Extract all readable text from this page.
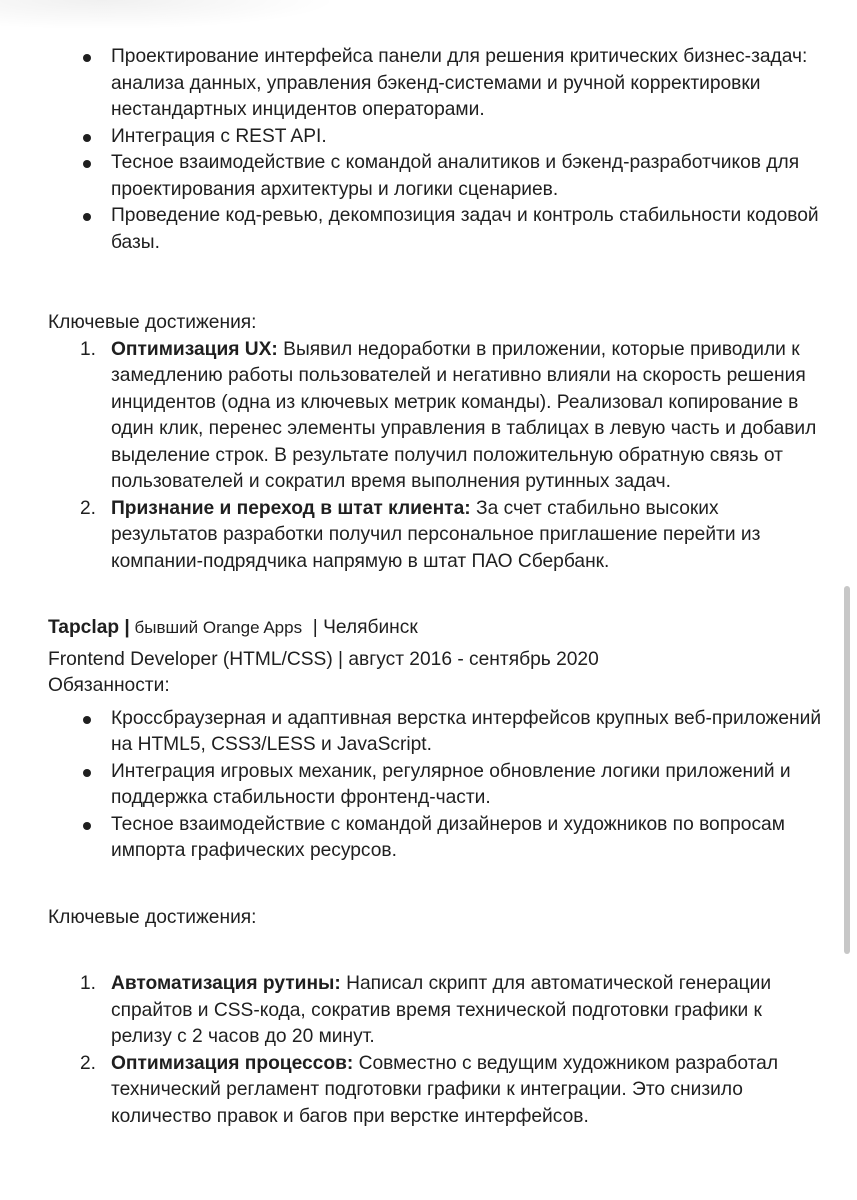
Проектирование интерфейса панели для решения критических бизнес-задач: анализа данных, управления бэкенд-системами и ручной корректировки нестандартных инцидентов операторами.
Интеграция с REST API.
Тесное взаимодействие с командой аналитиков и бэкенд-разработчиков для проектирования архитектуры и логики сценариев.
Проведение код-ревью, декомпозиция задач и контроль стабильности кодовой базы.
Ключевые достижения:
1. Оптимизация UX: Выявил недоработки в приложении, которые приводили к замедлению работы пользователей и негативно влияли на скорость решения инцидентов (одна из ключевых метрик команды). Реализовал копирование в один клик, перенес элементы управления в таблицах в левую часть и добавил выделение строк. В результате получил положительную обратную связь от пользователей и сократил время выполнения рутинных задач.
2. Признание и переход в штат клиента: За счет стабильно высоких результатов разработки получил персональное приглашение перейти из компании-подрядчика напрямую в штат ПАО Сбербанк.
Tapclap | бывший Orange Apps  | Челябинск
Frontend Developer (HTML/CSS) | август 2016 - сентябрь 2020
Обязанности:
Кроссбраузерная и адаптивная верстка интерфейсов крупных веб-приложений на HTML5, CSS3/LESS и JavaScript.
Интеграция игровых механик, регулярное обновление логики приложений и поддержка стабильности фронтенд-части.
Тесное взаимодействие с командой дизайнеров и художников по вопросам импорта графических ресурсов.
Ключевые достижения:
1. Автоматизация рутины: Написал скрипт для автоматической генерации спрайтов и CSS-кода, сократив время технической подготовки графики к релизу с 2 часов до 20 минут.
2. Оптимизация процессов: Совместно с ведущим художником разработал технический регламент подготовки графики к интеграции. Это снизило количество правок и багов при верстке интерфейсов.
